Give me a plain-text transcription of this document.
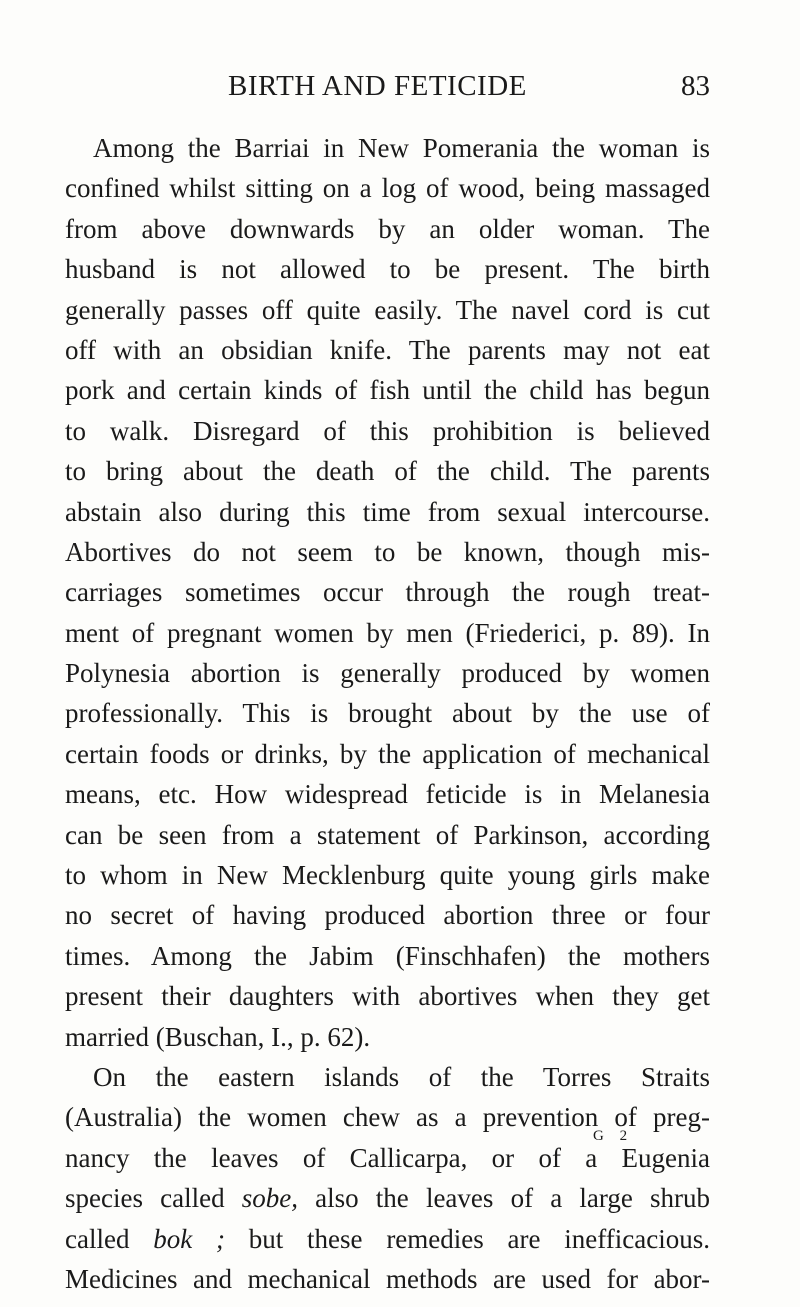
BIRTH AND FETICIDE	83
Among the Barriai in New Pomerania the woman is
confined whilst sitting on a log of wood, being massaged
from above downwards by an older woman. The
husband is not allowed to be present. The birth
generally passes off quite easily. The navel cord is cut
off with an obsidian knife. The parents may not eat
pork and certain kinds of fish until the child has begun
to walk. Disregard of this prohibition is believed
to bring about the death of the child. The parents
abstain also during this time from sexual intercourse.
Abortives do not seem to be known, though mis-
carriages sometimes occur through the rough treat-
ment of pregnant women by men (Friederici, p. 89). In
Polynesia abortion is generally produced by women
professionally. This is brought about by the use of
certain foods or drinks, by the application of mechanical
means, etc. How widespread feticide is in Melanesia
can be seen from a statement of Parkinson, according
to whom in New Mecklenburg quite young girls make
no secret of having produced abortion three or four
times. Among the Jabim (Finschhafen) the mothers
present their daughters with abortives when they get
married (Buschan, I., p. 62).
On the eastern islands of the Torres Straits
(Australia) the women chew as a prevention of preg-
nancy the leaves of Callicarpa, or of a Eugenia
species called sobe, also the leaves of a large shrub
called bok ; but these remedies are inefficacious.
Medicines and mechanical methods are used for abor-
G 2
